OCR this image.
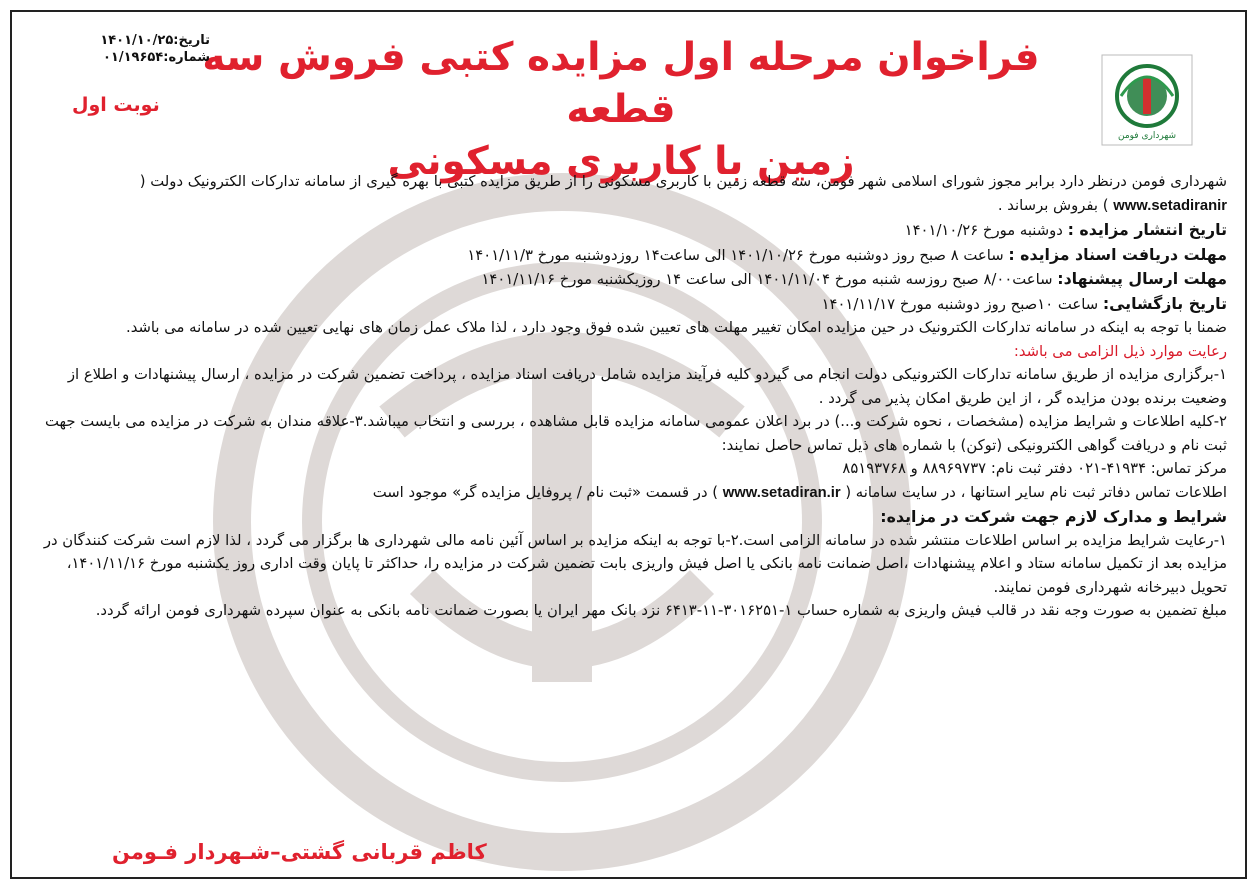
فراخوان مرحله اول مزایده کتبی فروش سه قطعه
زمین با کاربری مسکونی
تاریخ:۱۴۰۱/۱۰/۲۵
شماره:۰۱/۱۹۶۵۴
نوبت اول
شهرداری فومن

شهرداری فومن درنظر دارد برابر مجوز شورای اسلامی شهر فومن، سه قطعه زمین با کاربری مسکونی را از طریق مزایده کتبی با بهره گیری از سامانه تدارکات الکترونیک دولت ( www.setadiranir ) بفروش برساند .

تاریخ انتشار مزایده : دوشنبه مورخ ۱۴۰۱/۱۰/۲۶

مهلت دریافت اسناد مزایده : ساعت ۸ صبح روز دوشنبه مورخ ۱۴۰۱/۱۰/۲۶ الی ساعت۱۴ روزدوشنبه مورخ ۱۴۰۱/۱۱/۳

مهلت ارسال پیشنهاد: ساعت۸/۰۰ صبح روزسه شنبه مورخ ۱۴۰۱/۱۱/۰۴ الی ساعت ۱۴ روزیکشنبه مورخ ۱۴۰۱/۱۱/۱۶

تاریخ بازگشایی: ساعت ۱۰صبح روز دوشنبه مورخ ۱۴۰۱/۱۱/۱۷

ضمنا با توجه به اینکه در سامانه تدارکات الکترونیک در حین مزایده امکان تغییر مهلت های تعیین شده فوق وجود دارد ، لذا ملاک عمل زمان های نهایی تعیین شده در سامانه می باشد.

رعایت موارد ذیل الزامی می باشد:

۱-برگزاری مزایده از طریق سامانه تدارکات الکترونیکی دولت انجام می گیردو کلیه فرآیند مزایده شامل دریافت اسناد مزایده ، پرداخت تضمین شرکت در مزایده ، ارسال پیشنهادات و اطلاع از وضعیت برنده بودن مزایده گر ، از این طریق امکان پذیر می گردد .

۲-کلیه اطلاعات و شرایط مزایده (مشخصات ، نحوه شرکت و...) در برد اعلان عمومی سامانه مزایده قابل مشاهده ، بررسی و انتخاب میباشد.۳-علاقه مندان به شرکت در مزایده می بایست جهت ثبت نام و دریافت گواهی الکترونیکی (توکن) با شماره های ذیل تماس حاصل نمایند:

مرکز تماس: ۴۱۹۳۴-۰۲۱ دفتر ثبت نام: ۸۸۹۶۹۷۳۷ و ۸۵۱۹۳۷۶۸

اطلاعات تماس دفاتر ثبت نام سایر استانها ، در سایت سامانه ( www.setadiran.ir ) در قسمت «ثبت نام / پروفایل مزایده گر» موجود است

شرایط و مدارک لازم جهت شرکت در مزایده:

۱-رعایت شرایط مزایده بر اساس اطلاعات منتشر شده در سامانه الزامی است.۲-با توجه به اینکه مزایده بر اساس آئین نامه مالی شهرداری ها برگزار می گردد ، لذا لازم است شرکت کنندگان در مزایده بعد از تکمیل سامانه ستاد و اعلام پیشنهادات ،اصل ضمانت نامه بانکی یا اصل فیش واریزی بابت تضمین شرکت در مزایده را، حداکثر تا پایان وقت اداری روز یکشنبه مورخ ۱۴۰۱/۱۱/۱۶، تحویل دبیرخانه شهرداری فومن نمایند.

مبلغ تضمین به صورت وجه نقد در قالب فیش واریزی به شماره حساب ۱-۳۰۱۶۲۵۱-۱۱-۶۴۱۳ نزد بانک مهر ایران یا بصورت ضمانت نامه بانکی به عنوان سپرده شهرداری فومن ارائه گردد.

کاظم قربانی گشتی–شـهردار فـومن
